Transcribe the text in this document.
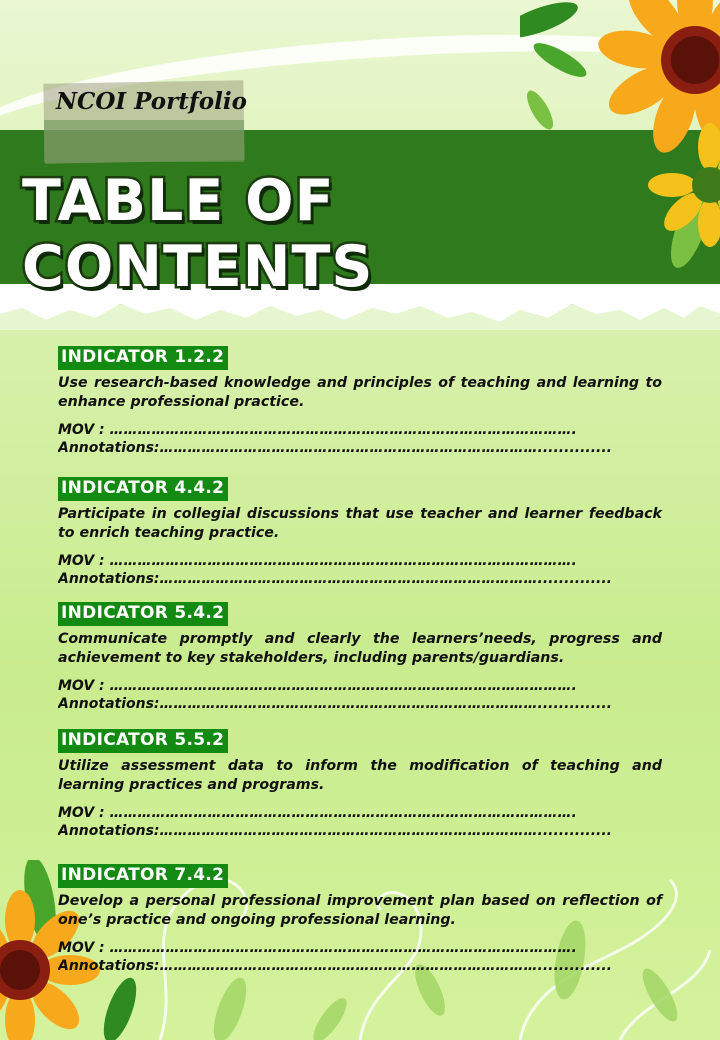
NCOI Portfolio
TABLE OF CONTENTS
INDICATOR 1.2.2
Use research-based knowledge and principles of teaching and learning to enhance professional practice.
MOV : ……………………………………………………………………………………….
Annotations:………………………………………………………………………..............
INDICATOR 4.4.2
Participate in collegial discussions that use teacher and learner feedback to enrich teaching practice.
MOV : ……………………………………………………………………………………….
Annotations:………………………………………………………………………..............
INDICATOR 5.4.2
Communicate promptly and clearly the learners’needs, progress and achievement to key stakeholders, including parents/guardians.
MOV : ……………………………………………………………………………………….
Annotations:………………………………………………………………………..............
INDICATOR 5.5.2
Utilize assessment data to inform the modification of teaching and learning practices and programs.
MOV : ……………………………………………………………………………………….
Annotations:………………………………………………………………………..............
INDICATOR 7.4.2
Develop a personal professional improvement plan based on reflection of one’s practice and ongoing professional learning.
MOV : ……………………………………………………………………………………….
Annotations:………………………………………………………………………..............
